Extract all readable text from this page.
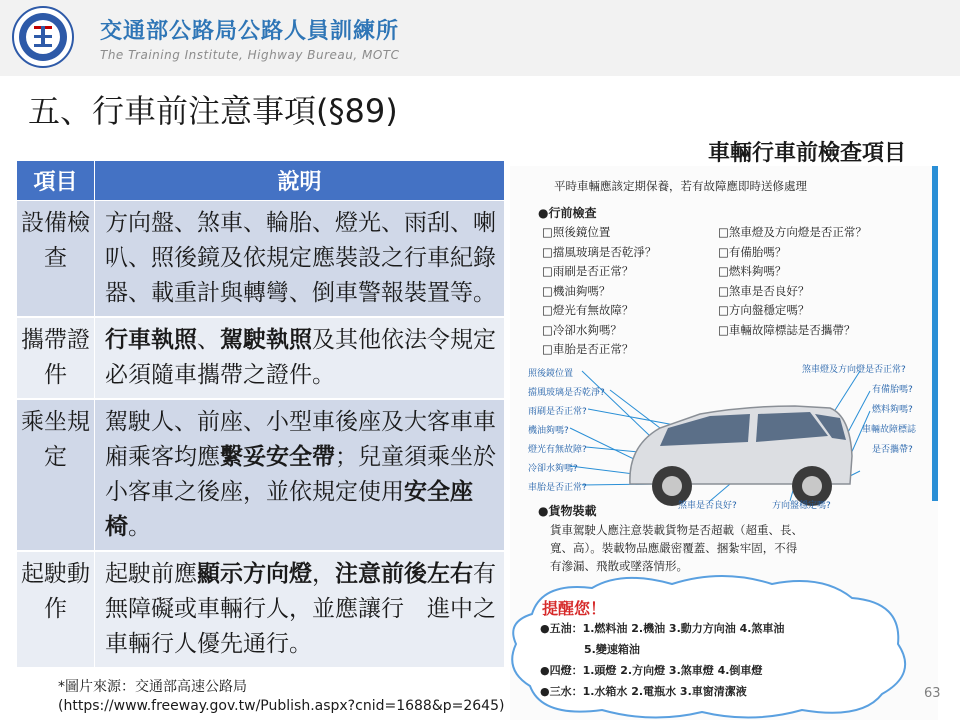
交通部公路局公路人員訓練所
The Training Institute, Highway Bureau, MOTC
五、行車前注意事項(§89)
項目	說明
設備檢查	方向盤、煞車、輪胎、燈光、雨刮、喇叭、照後鏡及依規定應裝設之行車紀錄器、載重計與轉彎、倒車警報裝置等。
攜帶證件	行車執照、駕駛執照及其他依法令規定必須隨車攜帶之證件。
乘坐規定	駕駛人、前座、小型車後座及大客車車廂乘客均應繫妥安全帶；兒童須乘坐於小客車之後座，並依規定使用安全座椅。
起駛動作	起駛前應顯示方向燈，注意前後左右有無障礙或車輛行人，並應讓行　進中之車輛行人優先通行。
車輛行車前檢查項目
平時車輛應該定期保養，若有故障應即時送修處理
●行前檢查
□照後鏡位置
□擋風玻璃是否乾淨？
□雨刷是否正常？
□機油夠嗎？
□燈光有無故障？
□冷卻水夠嗎？
□車胎是否正常？
□煞車燈及方向燈是否正常？
□有備胎嗎？
□燃料夠嗎？
□煞車是否良好？
□方向盤穩定嗎？
□車輛故障標誌是否攜帶？
照後鏡位置
擋風玻璃是否乾淨?
雨刷是否正常?
機油夠嗎?
燈光有無故障?
冷卻水夠嗎?
車胎是否正常?
煞車燈及方向燈是否正常?
有備胎嗎?
燃料夠嗎?
車輛故障標誌
是否攜帶?
煞車是否良好?	方向盤穩定嗎?
●貨物裝載
貨車駕駛人應注意裝載貨物是否超載（超重、長、
寬、高）。裝載物品應嚴密覆蓋、捆紮牢固，不得
有滲漏、飛散或墜落情形。
提醒您！
●五油：1.燃料油 2.機油 3.動力方向油 4.煞車油
　　　　5.變速箱油
●四燈：1.頭燈 2.方向燈 3.煞車燈 4.倒車燈
●三水：1.水箱水 2.電瓶水 3.車窗清潔液
*圖片來源：交通部高速公路局
(https://www.freeway.gov.tw/Publish.aspx?cnid=1688&p=2645)
63
